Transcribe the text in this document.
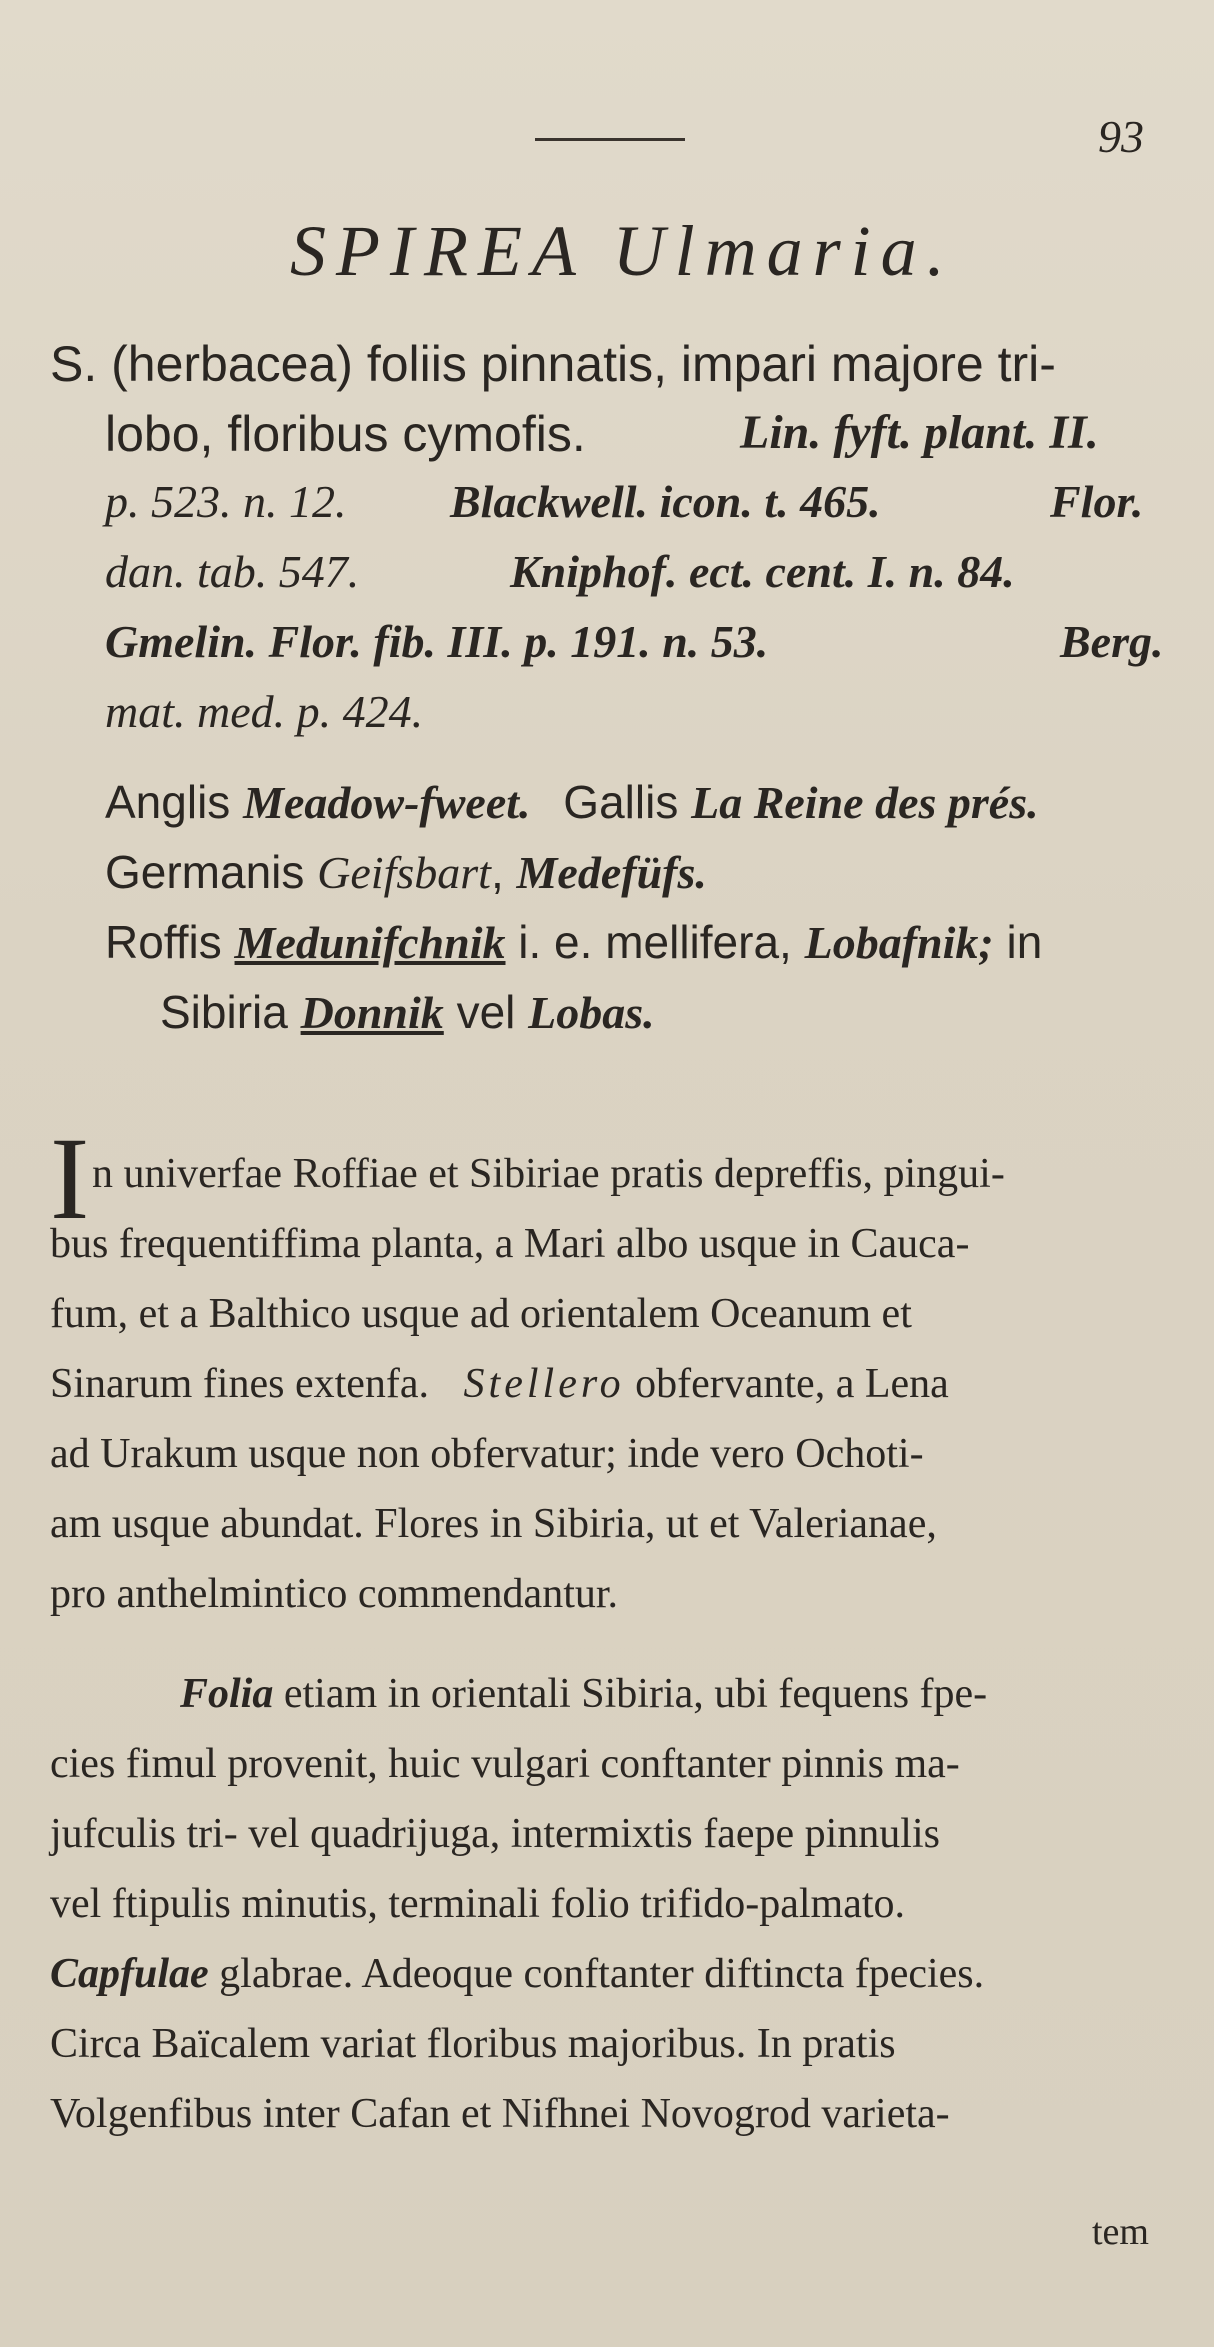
93
SPIREA Ulmaria.
S. (herbacea) foliis pinnatis, impari majore tri-
lobo, floribus cymofis.	Lin. fyft. plant. II.
p. 523. n. 12. Blackwell. icon. t. 465.	Flor.
dan. tab. 547.	Kniphof. ect. cent. I. n. 84.
Gmelin. Flor. fib. III. p. 191. n. 53.	Berg.
mat. med. p. 424.
Anglis Meadow-fweet. Gallis La Reine des prés.
Germanis Geifsbart, Medefüfs.
Roffis Medunifchnik i. e. mellifera, Lobafnik; in
Sibiria Donnik vel Lobas.
I n univerfae Roffiae et Sibiriae pratis depreffis, pingui-
bus frequentiffima planta, a Mari albo usque in Cauca-
fum, et a Balthico usque ad orientalem Oceanum et
Sinarum fines extenfa. Stellero obfervante, a Lena
ad Urakum usque non obfervatur; inde vero Ochoti-
am usque abundat. Flores in Sibiria, ut et Valerianae,
pro anthelmintico commendantur.
Folia etiam in orientali Sibiria, ubi fequens fpe-
cies fimul provenit, huic vulgari conftanter pinnis ma-
jufculis tri- vel quadrijuga, intermixtis faepe pinnulis
vel ftipulis minutis, terminali folio trifido-palmato.
Capfulae glabrae. Adeoque conftanter diftincta fpecies.
Circa Baïcalem variat floribus majoribus. In pratis
Volgenfibus inter Cafan et Nifhnei Novogrod varieta-
tem
